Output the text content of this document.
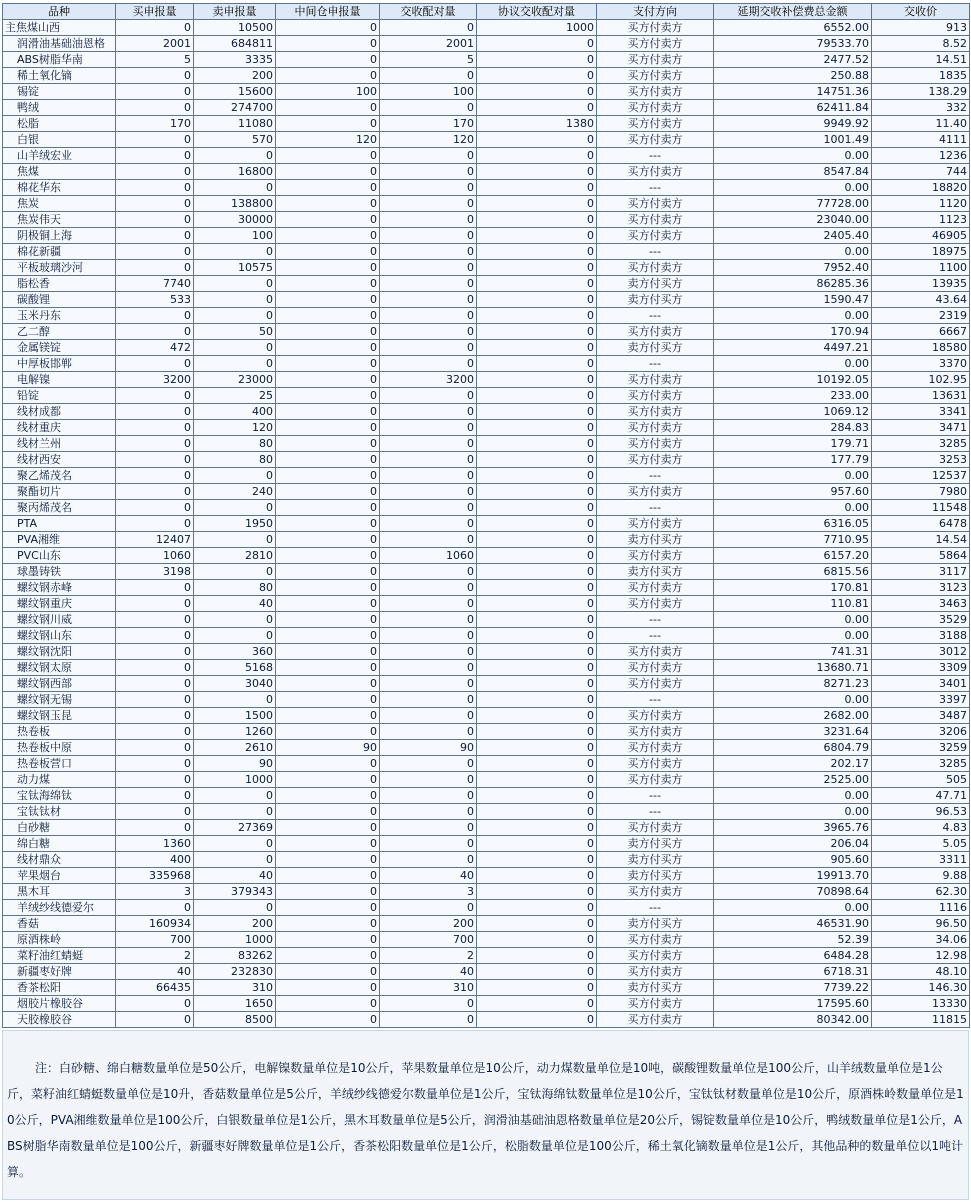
品种	买申报量	卖申报量	中间仓申报量	交收配对量	协议交收配对量	支付方向	延期交收补偿费总金额	交收价
主焦煤山西	0	10500	0	0	1000	买方付卖方	6552.00	913
润滑油基础油恩格	2001	684811	0	2001	0	买方付卖方	79533.70	8.52
ABS树脂华南	5	3335	0	5	0	买方付卖方	2477.52	14.51
稀土氧化镝	0	200	0	0	0	买方付卖方	250.88	1835
锡锭	0	15600	100	100	0	买方付卖方	14751.36	138.29
鸭绒	0	274700	0	0	0	买方付卖方	62411.84	332
松脂	170	11080	0	170	1380	买方付卖方	9949.92	11.40
白银	0	570	120	120	0	买方付卖方	1001.49	4111
山羊绒宏业	0	0	0	0	0	---	0.00	1236
焦煤	0	16800	0	0	0	买方付卖方	8547.84	744
棉花华东	0	0	0	0	0	---	0.00	18820
焦炭	0	138800	0	0	0	买方付卖方	77728.00	1120
焦炭伟天	0	30000	0	0	0	买方付卖方	23040.00	1123
阴极铜上海	0	100	0	0	0	买方付卖方	2405.40	46905
棉花新疆	0	0	0	0	0	---	0.00	18975
平板玻璃沙河	0	10575	0	0	0	买方付卖方	7952.40	1100
脂松香	7740	0	0	0	0	卖方付买方	86285.36	13935
碳酸锂	533	0	0	0	0	卖方付买方	1590.47	43.64
玉米丹东	0	0	0	0	0	---	0.00	2319
乙二醇	0	50	0	0	0	买方付卖方	170.94	6667
金属镁锭	472	0	0	0	0	卖方付买方	4497.21	18580
中厚板邯郸	0	0	0	0	0	---	0.00	3370
电解镍	3200	23000	0	3200	0	买方付卖方	10192.05	102.95
铅锭	0	25	0	0	0	买方付卖方	233.00	13631
线材成都	0	400	0	0	0	买方付卖方	1069.12	3341
线材重庆	0	120	0	0	0	买方付卖方	284.83	3471
线材兰州	0	80	0	0	0	买方付卖方	179.71	3285
线材西安	0	80	0	0	0	买方付卖方	177.79	3253
聚乙烯茂名	0	0	0	0	0	---	0.00	12537
聚酯切片	0	240	0	0	0	买方付卖方	957.60	7980
聚丙烯茂名	0	0	0	0	0	---	0.00	11548
PTA	0	1950	0	0	0	买方付卖方	6316.05	6478
PVA湘维	12407	0	0	0	0	卖方付买方	7710.95	14.54
PVC山东	1060	2810	0	1060	0	买方付卖方	6157.20	5864
球墨铸铁	3198	0	0	0	0	卖方付买方	6815.56	3117
螺纹钢赤峰	0	80	0	0	0	买方付卖方	170.81	3123
螺纹钢重庆	0	40	0	0	0	买方付卖方	110.81	3463
螺纹钢川威	0	0	0	0	0	---	0.00	3529
螺纹钢山东	0	0	0	0	0	---	0.00	3188
螺纹钢沈阳	0	360	0	0	0	买方付卖方	741.31	3012
螺纹钢太原	0	5168	0	0	0	买方付卖方	13680.71	3309
螺纹钢西部	0	3040	0	0	0	买方付卖方	8271.23	3401
螺纹钢无锡	0	0	0	0	0	---	0.00	3397
螺纹钢玉昆	0	1500	0	0	0	买方付卖方	2682.00	3487
热卷板	0	1260	0	0	0	买方付卖方	3231.64	3206
热卷板中原	0	2610	90	90	0	买方付卖方	6804.79	3259
热卷板营口	0	90	0	0	0	买方付卖方	202.17	3285
动力煤	0	1000	0	0	0	买方付卖方	2525.00	505
宝钛海绵钛	0	0	0	0	0	---	0.00	47.71
宝钛钛材	0	0	0	0	0	---	0.00	96.53
白砂糖	0	27369	0	0	0	买方付卖方	3965.76	4.83
绵白糖	1360	0	0	0	0	卖方付买方	206.04	5.05
线材鼎众	400	0	0	0	0	卖方付买方	905.60	3311
苹果烟台	335968	40	0	40	0	卖方付买方	19913.70	9.88
黑木耳	3	379343	0	3	0	买方付卖方	70898.64	62.30
羊绒纱线德爱尔	0	0	0	0	0	---	0.00	1116
香菇	160934	200	0	200	0	卖方付买方	46531.90	96.50
原酒株岭	700	1000	0	700	0	买方付卖方	52.39	34.06
菜籽油红蜻蜓	2	83262	0	2	0	买方付卖方	6484.28	12.98
新疆枣好牌	40	232830	0	40	0	买方付卖方	6718.31	48.10
香茶松阳	66435	310	0	310	0	卖方付买方	7739.22	146.30
烟胶片橡胶谷	0	1650	0	0	0	买方付卖方	17595.60	13330
天胶橡胶谷	0	8500	0	0	0	买方付卖方	80342.00	11815
注：白砂糖、绵白糖数量单位是50公斤，电解镍数量单位是10公斤，苹果数量单位是10公斤，动力煤数量单位是10吨，碳酸锂数量单位是100公斤，山羊绒数量单位是1公斤，菜籽油红蜻蜓数量单位是10升，香菇数量单位是5公斤，羊绒纱线德爱尔数量单位是1公斤，宝钛海绵钛数量单位是10公斤，宝钛钛材数量单位是10公斤，原酒株岭数量单位是10公斤，PVA湘维数量单位是100公斤，白银数量单位是1公斤，黑木耳数量单位是5公斤，润滑油基础油恩格数量单位是20公斤，锡锭数量单位是10公斤，鸭绒数量单位是1公斤，ABS树脂华南数量单位是100公斤，新疆枣好牌数量单位是1公斤，香茶松阳数量单位是1公斤，松脂数量单位是100公斤，稀土氧化镝数量单位是1公斤，其他品种的数量单位以1吨计算。
